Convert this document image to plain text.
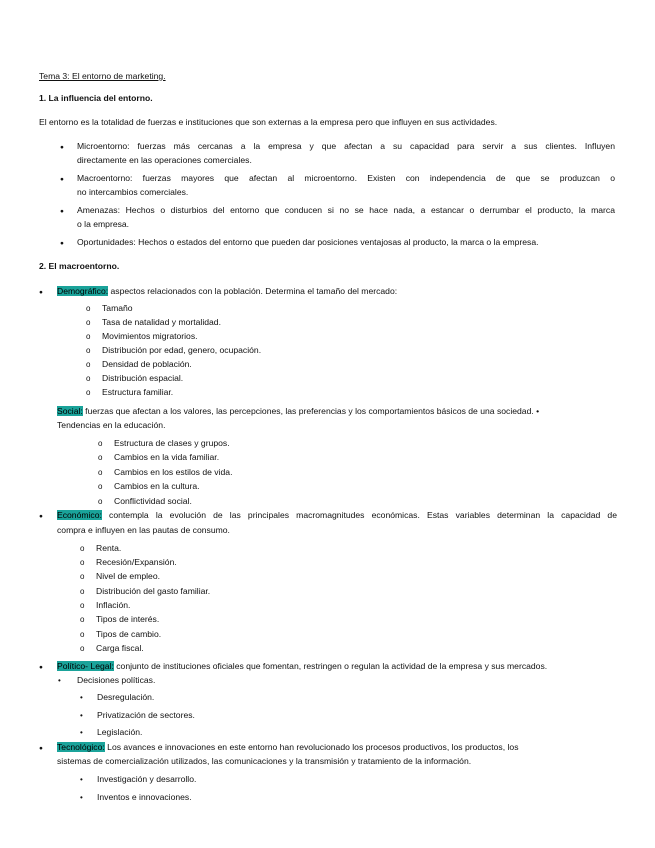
Tema 3: El entorno de marketing.
1. La influencia del entorno.
El entorno es la totalidad de fuerzas e instituciones que son externas a la empresa pero que influyen en sus actividades.
●
Microentorno: fuerzas más cercanas a la empresa y que afectan a su capacidad para servir a sus clientes. Influyen
directamente en las operaciones comerciales.
●
Macroentorno: fuerzas mayores que afectan al microentorno. Existen con independencia de que se produzcan o
no intercambios comerciales.
●
Amenazas: Hechos o disturbios del entorno que conducen si no se hace nada, a estancar o derrumbar el producto, la marca
o la empresa.
●
Oportunidades: Hechos o estados del entorno que pueden dar posiciones ventajosas al producto, la marca o la empresa.
2. El macroentorno.
●
Demográfico: aspectos relacionados con la población. Determina el tamaño del mercado:
o
Tamaño
o
Tasa de natalidad y mortalidad.
o
Movimientos migratorios.
o
Distribución por edad, genero, ocupación.
o
Densidad de población.
o
Distribución espacial.
o
Estructura familiar.
Social: fuerzas que afectan a los valores, las percepciones, las preferencias y los comportamientos básicos de una sociedad. •
Tendencias en la educación.
o
Estructura de clases y grupos.
o
Cambios en la vida familiar.
o
Cambios en los estilos de vida.
o
Cambios en la cultura.
o
Conflictividad social.
●
Económico: contempla la evolución de las principales macromagnitudes económicas. Estas variables determinan la capacidad de
compra e influyen en las pautas de consumo.
o
Renta.
o
Recesión/Expansión.
o
Nivel de empleo.
o
Distribución del gasto familiar.
o
Inflación.
o
Tipos de interés.
o
Tipos de cambio.
o
Carga fiscal.
●
Político- Legal: conjunto de instituciones oficiales que fomentan, restringen o regulan la actividad de la empresa y sus mercados.
•
Decisiones políticas.
•
Desregulación.
•
Privatización de sectores.
•
Legislación.
●
Tecnológico: Los avances e innovaciones en este entorno han revolucionado los procesos productivos, los productos, los
sistemas de comercialización utilizados, las comunicaciones y la transmisión y tratamiento de la información.
•
Investigación y desarrollo.
•
Inventos e innovaciones.
